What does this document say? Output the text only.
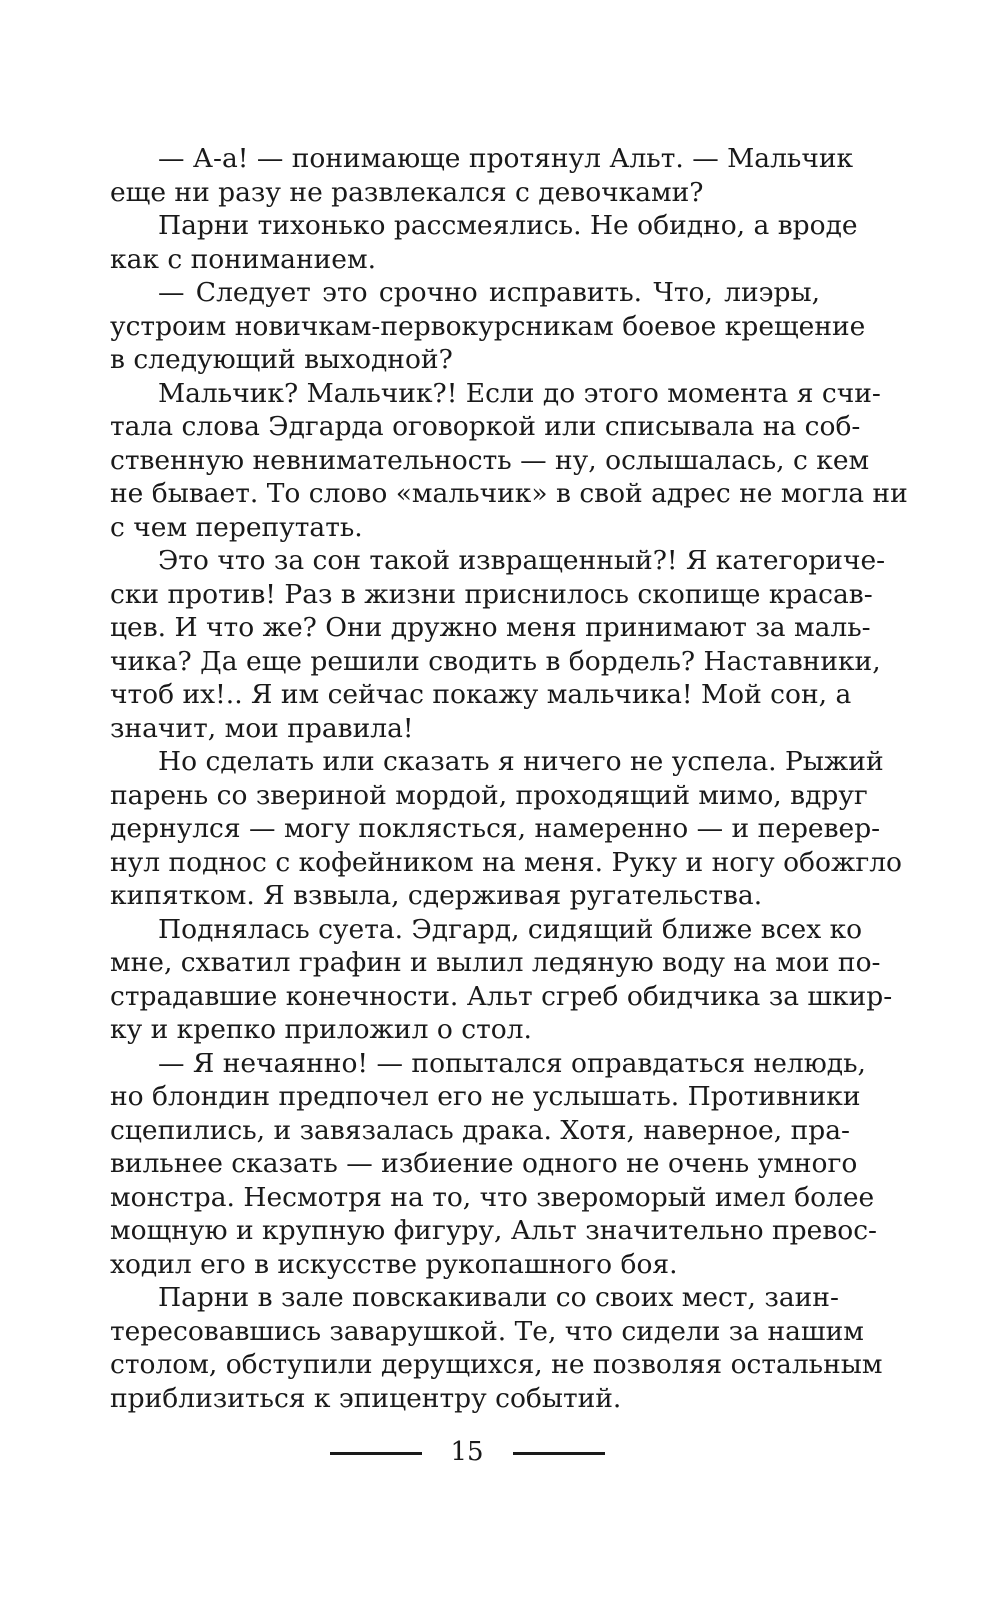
— А-а! — понимающе протянул Альт. — Мальчик
еще ни разу не развлекался с девочками?
Парни тихонько рассмеялись. Не обидно, а вроде
как с пониманием.
— Следует это срочно исправить. Что, лиэры,
устроим новичкам-первокурсникам боевое крещение
в следующий выходной?
Мальчик? Мальчик?! Если до этого момента я счи-
тала слова Эдгарда оговоркой или списывала на соб-
ственную невнимательность — ну, ослышалась, с кем
не бывает. То слово «мальчик» в свой адрес не могла ни
с чем перепутать.
Это что за сон такой извращенный?! Я категориче-
ски против! Раз в жизни приснилось скопище красав-
цев. И что же? Они дружно меня принимают за маль-
чика? Да еще решили сводить в бордель? Наставники,
чтоб их!.. Я им сейчас покажу мальчика! Мой сон, а
значит, мои правила!
Но сделать или сказать я ничего не успела. Рыжий
парень со звериной мордой, проходящий мимо, вдруг
дернулся — могу поклясться, намеренно — и перевер-
нул поднос с кофейником на меня. Руку и ногу обожгло
кипятком. Я взвыла, сдерживая ругательства.
Поднялась суета. Эдгард, сидящий ближе всех ко
мне, схватил графин и вылил ледяную воду на мои по-
страдавшие конечности. Альт сгреб обидчика за шкир-
ку и крепко приложил о стол.
— Я нечаянно! — попытался оправдаться нелюдь,
но блондин предпочел его не услышать. Противники
сцепились, и завязалась драка. Хотя, наверное, пра-
вильнее сказать — избиение одного не очень умного
монстра. Несмотря на то, что звероморый имел более
мощную и крупную фигуру, Альт значительно превос-
ходил его в искусстве рукопашного боя.
Парни в зале повскакивали со своих мест, заин-
тересовавшись заварушкой. Те, что сидели за нашим
столом, обступили дерущихся, не позволяя остальным
приблизиться к эпицентру событий.
15
